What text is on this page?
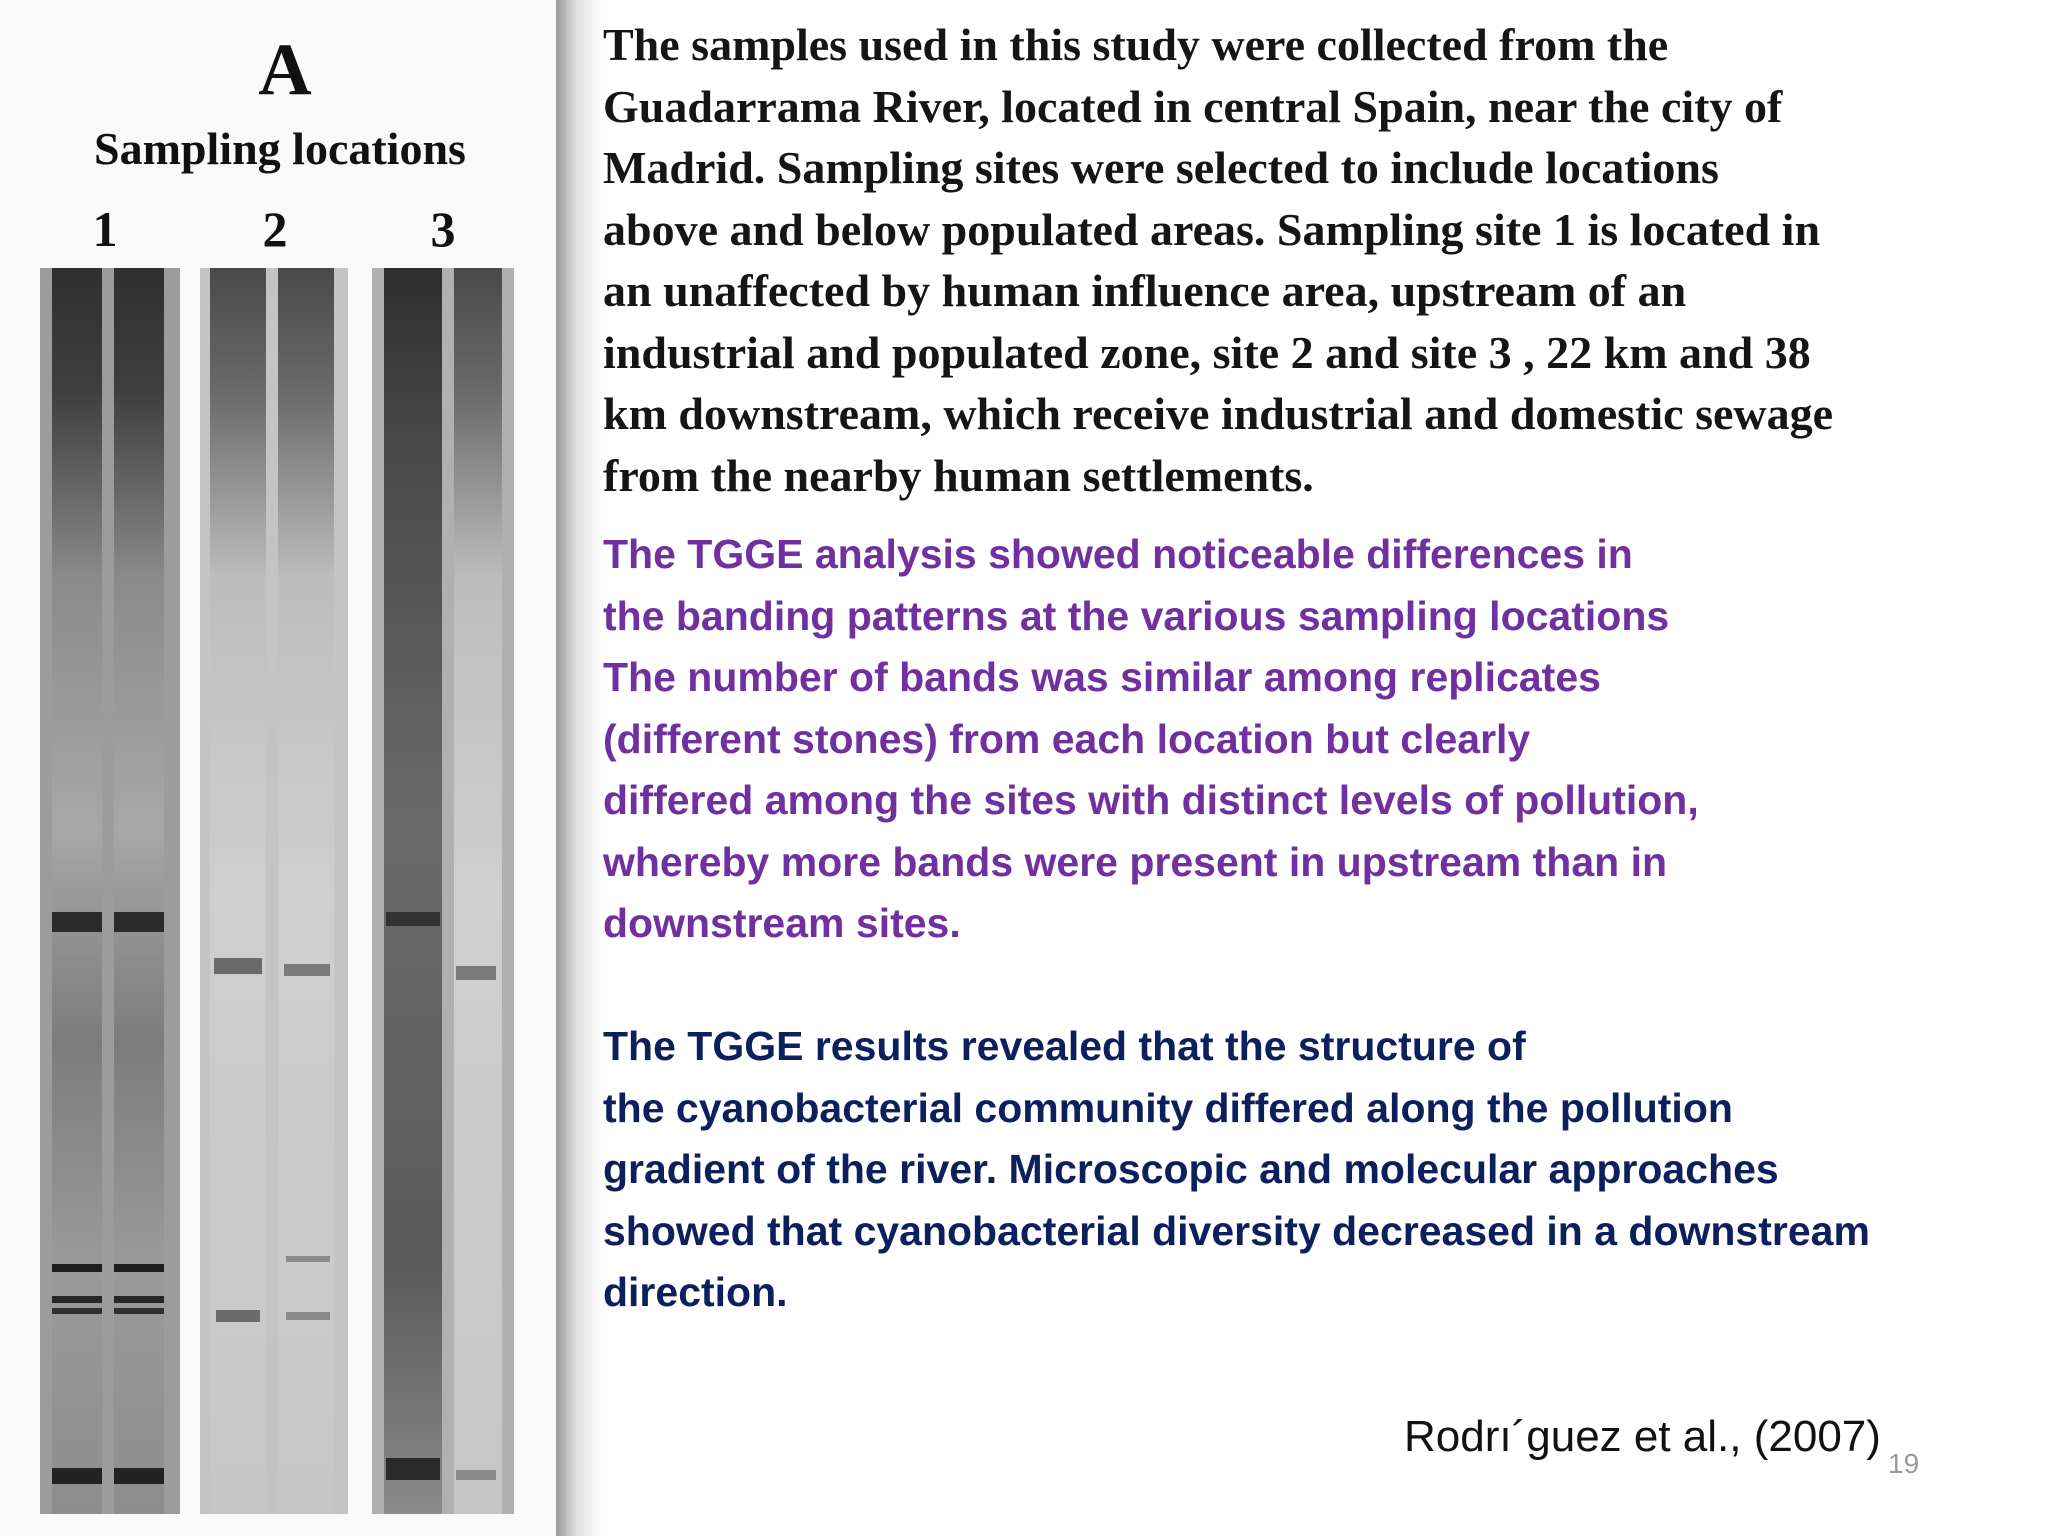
A
Sampling locations
1	2	3
The samples used in this study were collected from the
Guadarrama River, located in central Spain, near the city of
Madrid. Sampling sites were selected to include locations
above and below populated areas. Sampling site 1 is located in
an unaffected by human influence area, upstream of an
industrial and populated zone, site 2 and site 3 , 22 km and 38
km downstream, which receive industrial and domestic sewage
from the nearby human settlements.
The TGGE analysis showed noticeable differences in
the banding patterns at the various sampling locations
The number of bands was similar among replicates
(different stones) from each location but clearly
differed among the sites with distinct levels of pollution,
whereby more bands were present in upstream than in
downstream sites.
The TGGE results revealed that the structure of
the cyanobacterial community differed along the pollution
gradient of the river. Microscopic and molecular approaches
showed that cyanobacterial diversity decreased in a downstream
direction.
Rodrı´guez et al., (2007)
19
